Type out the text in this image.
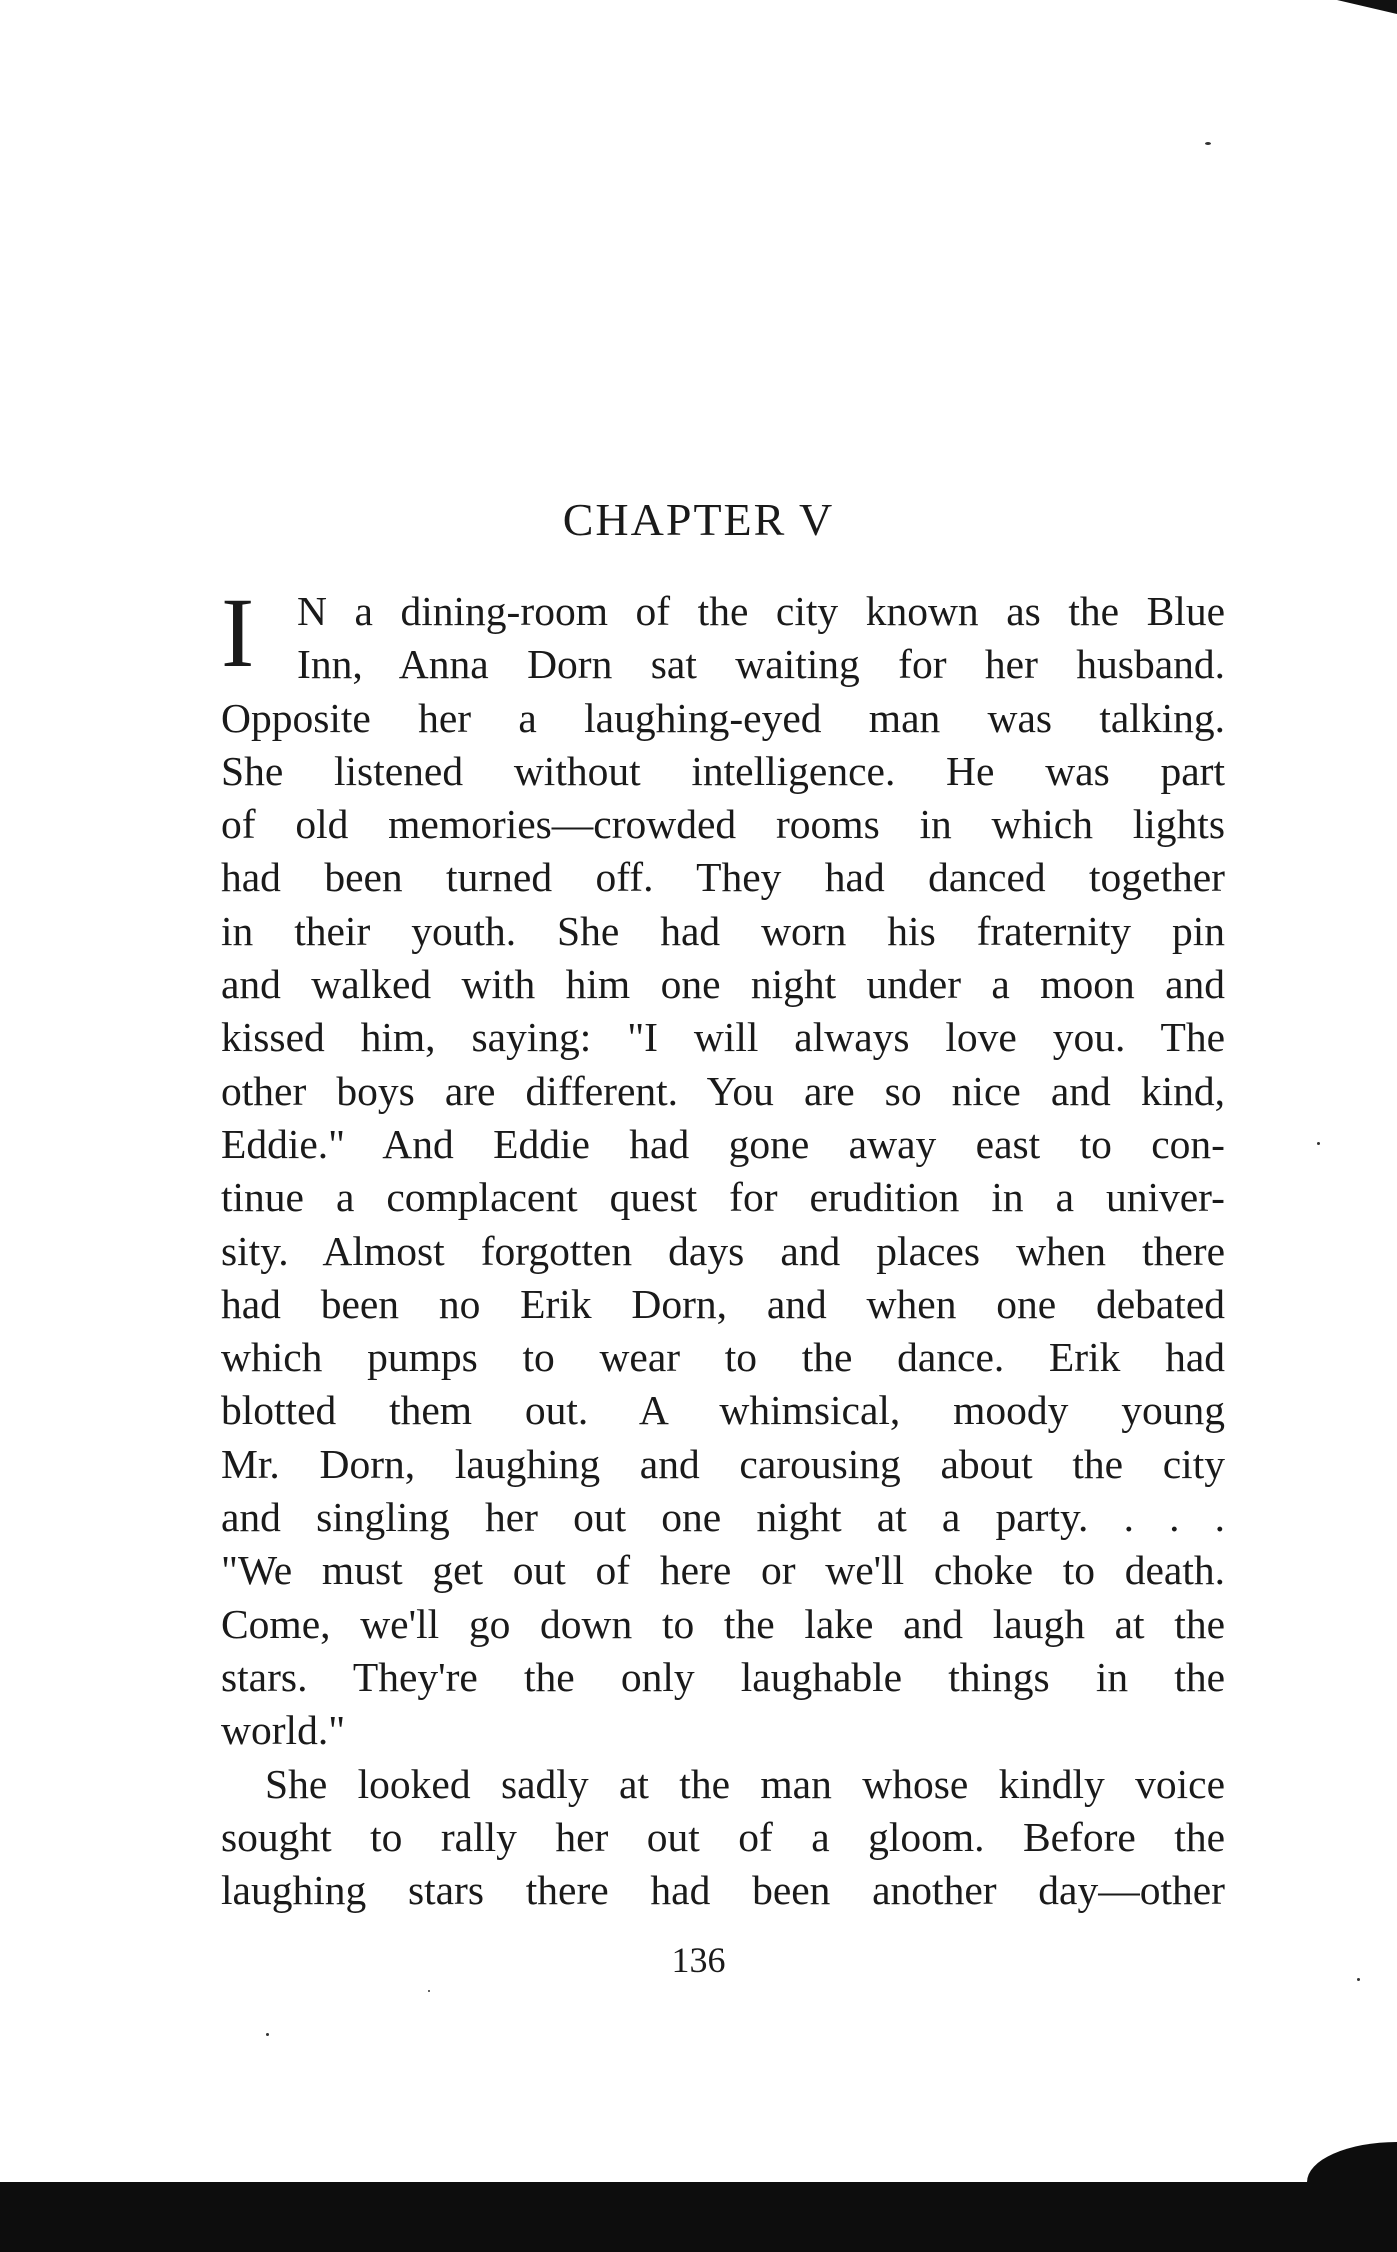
CHAPTER V
I	N a dining-room of the city known as the Blue
Inn, Anna Dorn sat waiting for her husband.
Opposite her a laughing-eyed man was talking.
She listened without intelligence. He was part
of old memories—crowded rooms in which lights
had been turned off. They had danced together
in their youth. She had worn his fraternity pin
and walked with him one night under a moon and
kissed him, saying: "I will always love you. The
other boys are different. You are so nice and kind,
Eddie." And Eddie had gone away east to con-
tinue a complacent quest for erudition in a univer-
sity. Almost forgotten days and places when there
had been no Erik Dorn, and when one debated
which pumps to wear to the dance. Erik had
blotted them out. A whimsical, moody young
Mr. Dorn, laughing and carousing about the city
and singling her out one night at a party. . . .
"We must get out of here or we'll choke to death.
Come, we'll go down to the lake and laugh at the
stars. They're the only laughable things in the
world."
She looked sadly at the man whose kindly voice
sought to rally her out of a gloom. Before the
laughing stars there had been another day—other
136
